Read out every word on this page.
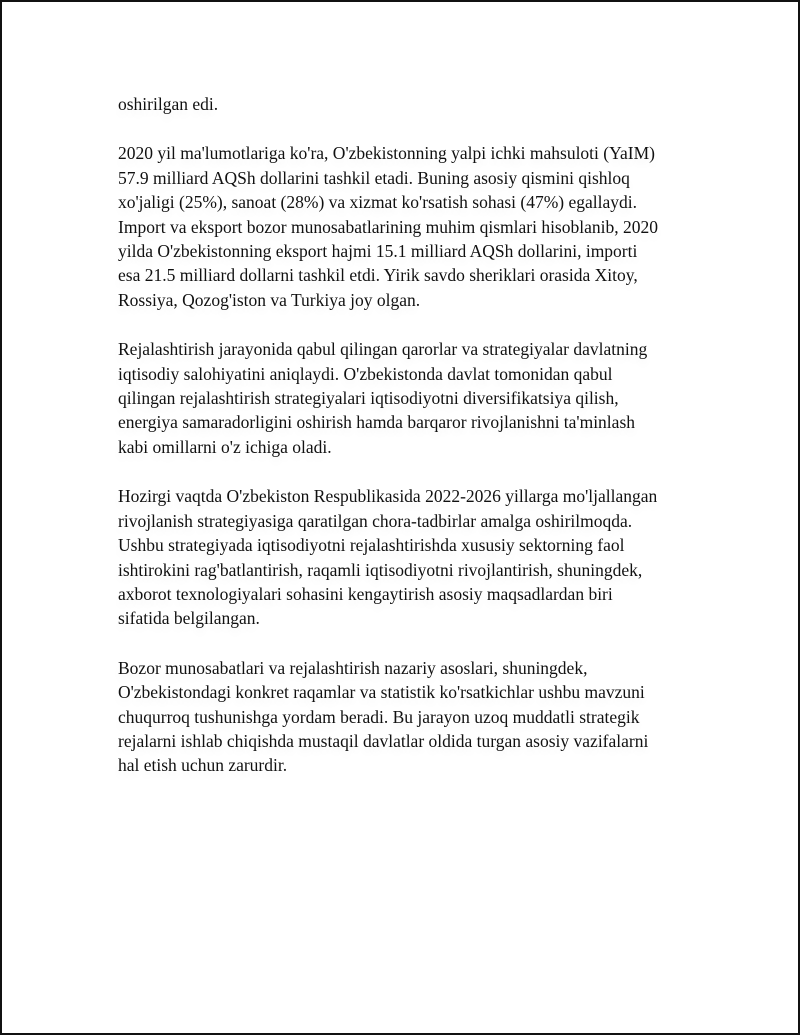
oshirilgan edi.

2020 yil ma'lumotlariga ko'ra, O'zbekistonning yalpi ichki mahsuloti (YaIM)
57.9 milliard AQSh dollarini tashkil etadi. Buning asosiy qismini qishloq
xo'jaligi (25%), sanoat (28%) va xizmat ko'rsatish sohasi (47%) egallaydi.
Import va eksport bozor munosabatlarining muhim qismlari hisoblanib, 2020
yilda O'zbekistonning eksport hajmi 15.1 milliard AQSh dollarini, importi
esa 21.5 milliard dollarni tashkil etdi. Yirik savdo sheriklari orasida Xitoy,
Rossiya, Qozog'iston va Turkiya joy olgan.

Rejalashtirish jarayonida qabul qilingan qarorlar va strategiyalar davlatning
iqtisodiy salohiyatini aniqlaydi. O'zbekistonda davlat tomonidan qabul
qilingan rejalashtirish strategiyalari iqtisodiyotni diversifikatsiya qilish,
energiya samaradorligini oshirish hamda barqaror rivojlanishni ta'minlash
kabi omillarni o'z ichiga oladi.

Hozirgi vaqtda O'zbekiston Respublikasida 2022-2026 yillarga mo'ljallangan
rivojlanish strategiyasiga qaratilgan chora-tadbirlar amalga oshirilmoqda.
Ushbu strategiyada iqtisodiyotni rejalashtirishda xususiy sektorning faol
ishtirokini rag'batlantirish, raqamli iqtisodiyotni rivojlantirish, shuningdek,
axborot texnologiyalari sohasini kengaytirish asosiy maqsadlardan biri
sifatida belgilangan.

Bozor munosabatlari va rejalashtirish nazariy asoslari, shuningdek,
O'zbekistondagi konkret raqamlar va statistik ko'rsatkichlar ushbu mavzuni
chuqurroq tushunishga yordam beradi. Bu jarayon uzoq muddatli strategik
rejalarni ishlab chiqishda mustaqil davlatlar oldida turgan asosiy vazifalarni
hal etish uchun zarurdir.
